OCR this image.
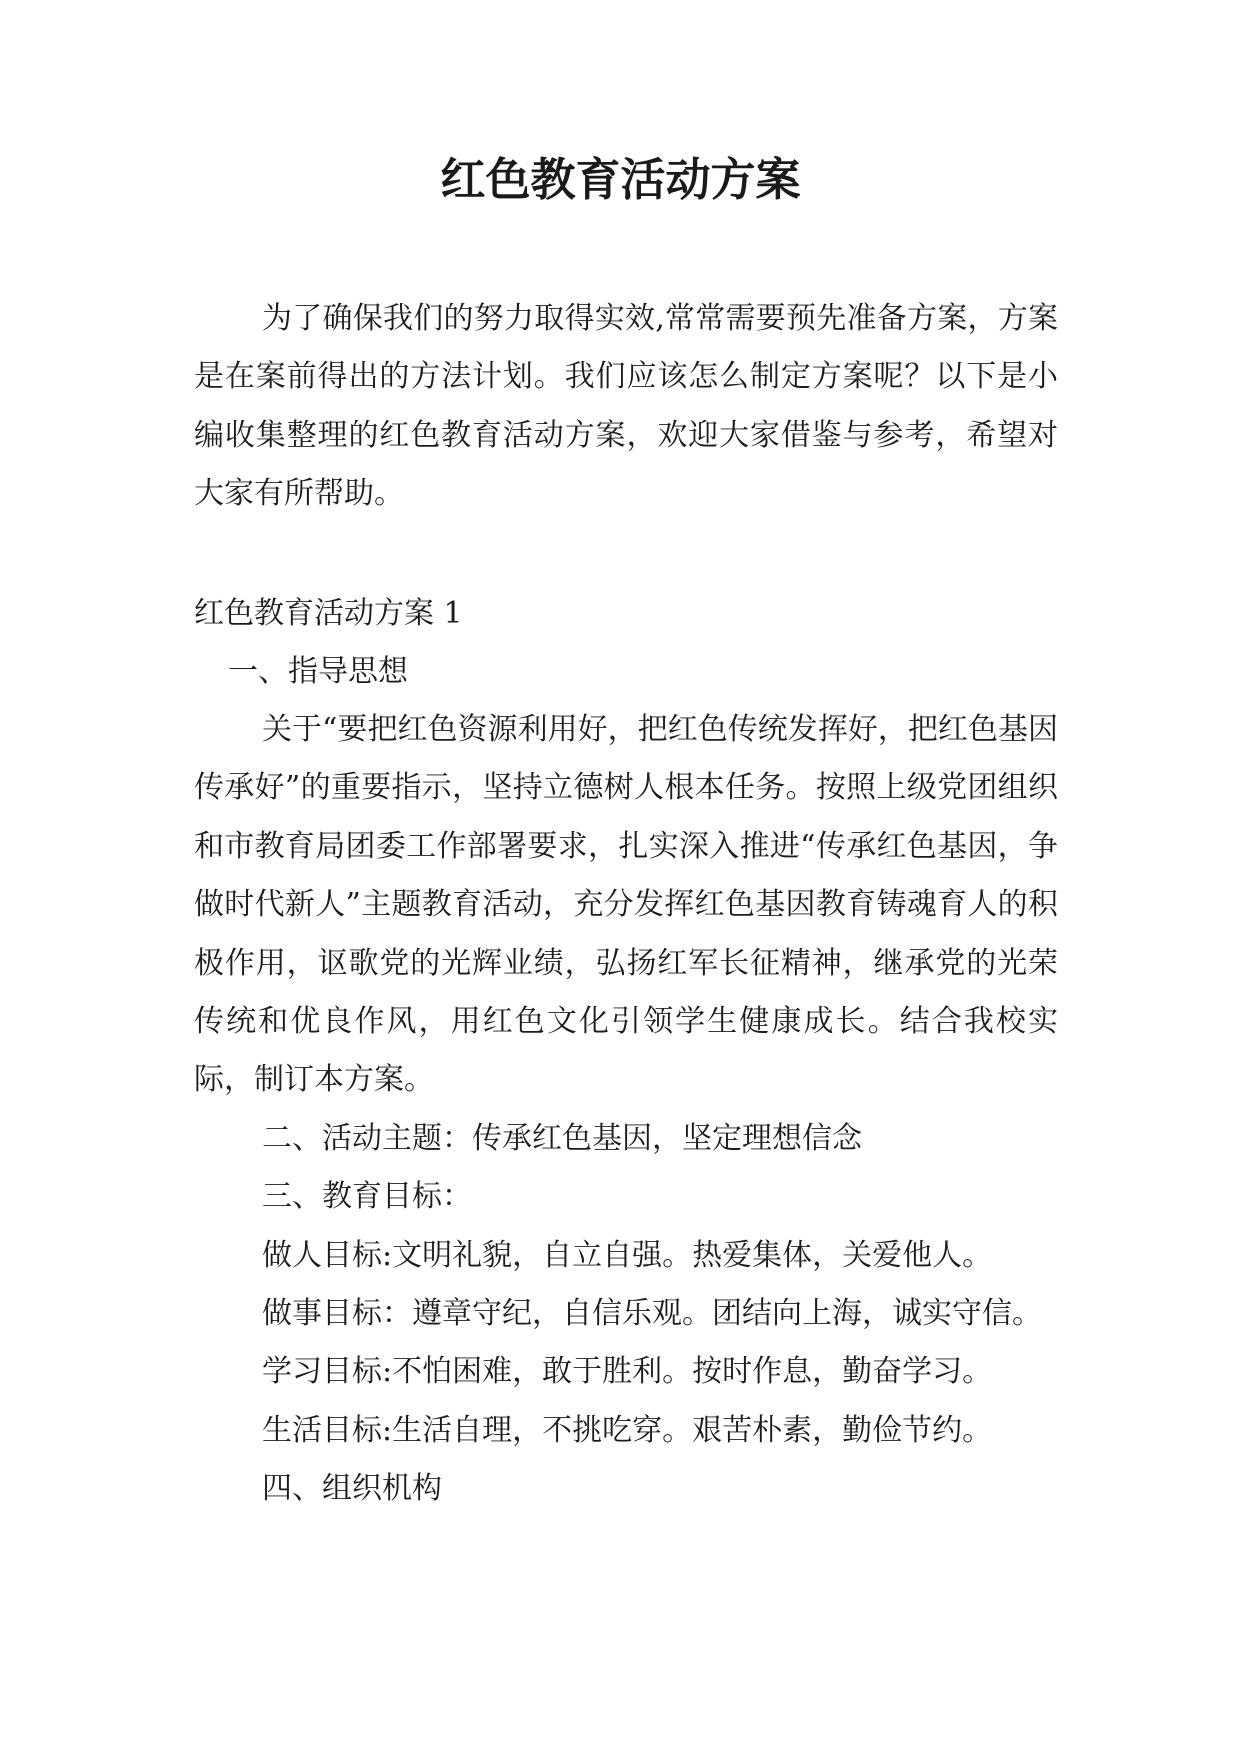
红色教育活动方案

为了确保我们的努力取得实效,常常需要预先准备方案，方案是在案前得出的方法计划。我们应该怎么制定方案呢？以下是小编收集整理的红色教育活动方案，欢迎大家借鉴与参考，希望对大家有所帮助。

红色教育活动方案 1

一、指导思想

关于“要把红色资源利用好，把红色传统发挥好，把红色基因传承好”的重要指示，坚持立德树人根本任务。按照上级党团组织和市教育局团委工作部署要求，扎实深入推进“传承红色基因，争做时代新人”主题教育活动，充分发挥红色基因教育铸魂育人的积极作用，讴歌党的光辉业绩，弘扬红军长征精神，继承党的光荣传统和优良作风，用红色文化引领学生健康成长。结合我校实际，制订本方案。

二、活动主题：传承红色基因，坚定理想信念

三、教育目标：

做人目标:文明礼貌，自立自强。热爱集体，关爱他人。

做事目标：遵章守纪，自信乐观。团结向上海，诚实守信。

学习目标:不怕困难，敢于胜利。按时作息，勤奋学习。

生活目标:生活自理，不挑吃穿。艰苦朴素，勤俭节约。

四、组织机构
